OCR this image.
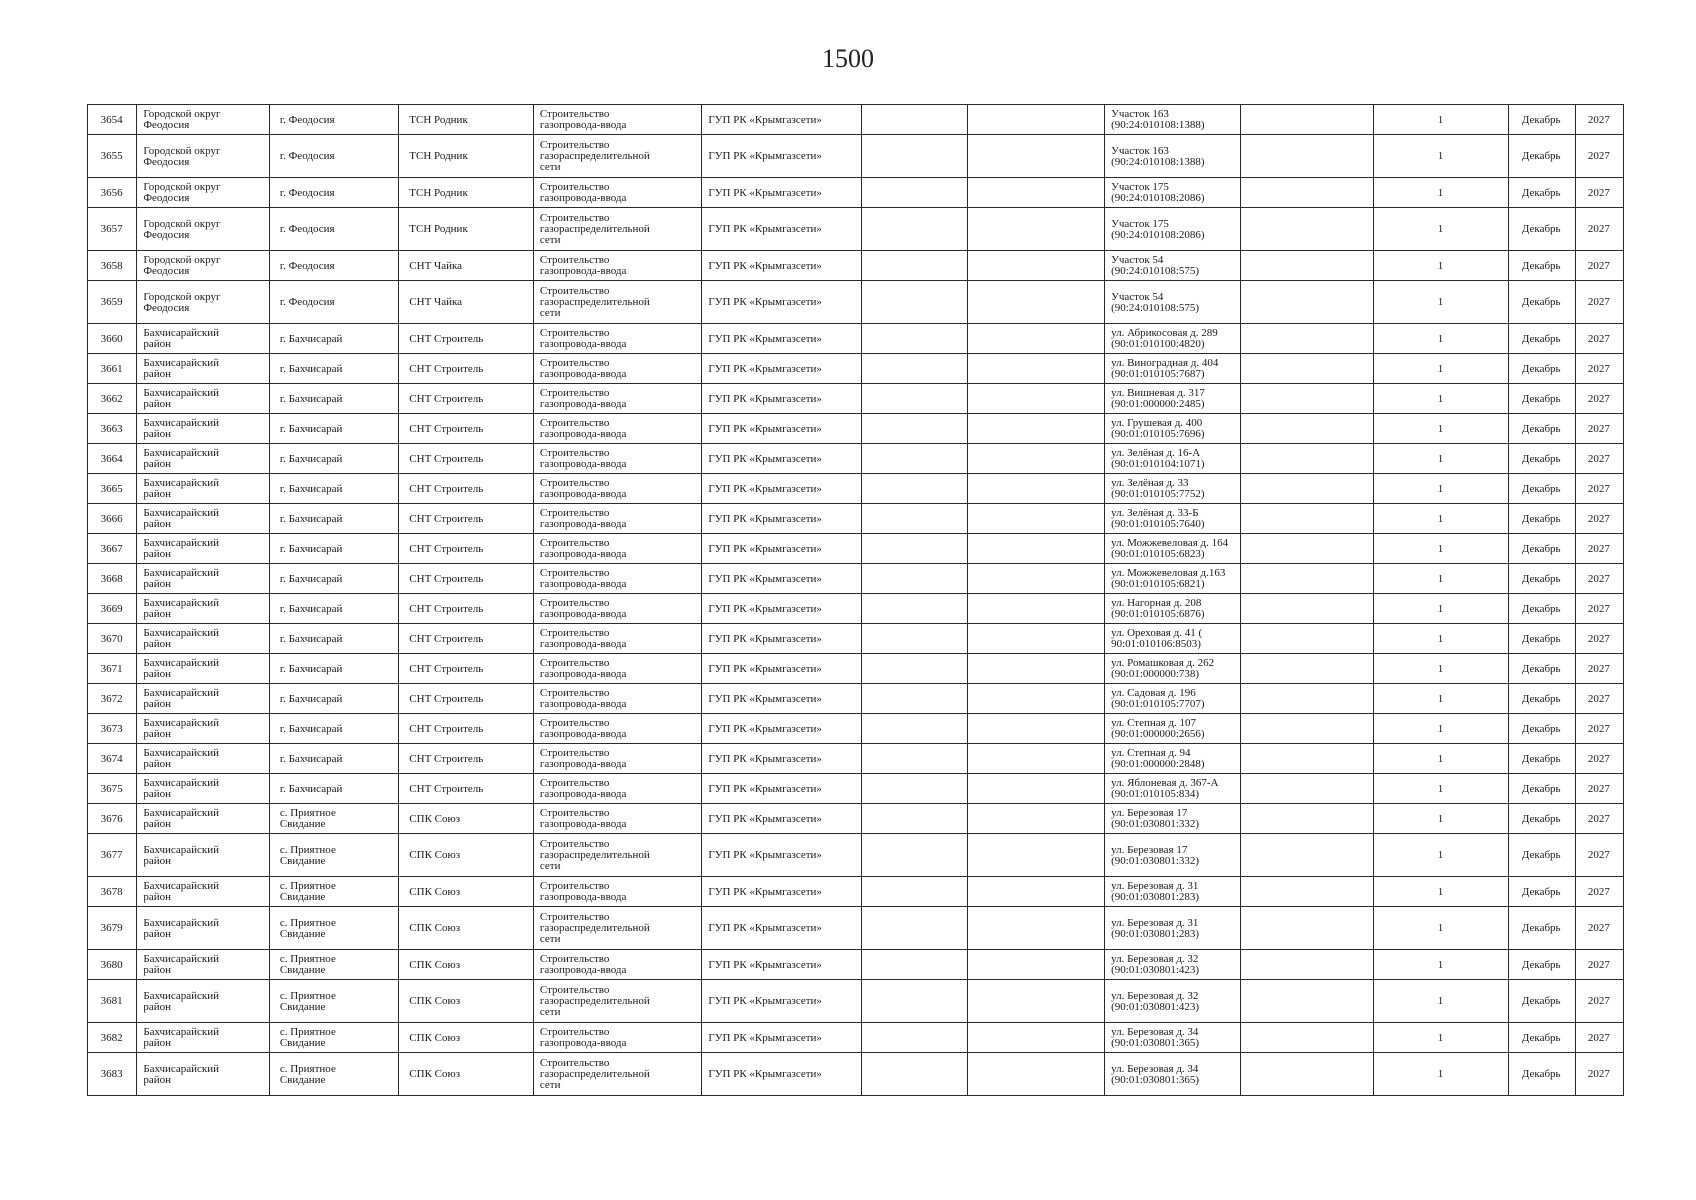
1500
3654	Городской округ
Феодосия	г. Феодосия	ТСН Родник	Строительство
газопровода-ввода	ГУП РК «Крымгазсети»			Участок 163
(90:24:010108:1388)		1	Декабрь	2027

3655	Городской округ
Феодосия	г. Феодосия	ТСН Родник	Строительство
газораспределительной
сети	ГУП РК «Крымгазсети»			Участок 163
(90:24:010108:1388)		1	Декабрь	2027

3656	Городской округ
Феодосия	г. Феодосия	ТСН Родник	Строительство
газопровода-ввода	ГУП РК «Крымгазсети»			Участок 175
(90:24:010108:2086)		1	Декабрь	2027

3657	Городской округ
Феодосия	г. Феодосия	ТСН Родник	Строительство
газораспределительной
сети	ГУП РК «Крымгазсети»			Участок 175
(90:24:010108:2086)		1	Декабрь	2027

3658	Городской округ
Феодосия	г. Феодосия	СНТ Чайка	Строительство
газопровода-ввода	ГУП РК «Крымгазсети»			Участок 54
(90:24:010108:575)		1	Декабрь	2027

3659	Городской округ
Феодосия	г. Феодосия	СНТ Чайка	Строительство
газораспределительной
сети	ГУП РК «Крымгазсети»			Участок 54
(90:24:010108:575)		1	Декабрь	2027

3660	Бахчисарайский
район	г. Бахчисарай	СНТ Строитель	Строительство
газопровода-ввода	ГУП РК «Крымгазсети»			ул. Абрикосовая д. 289
(90:01:010100:4820)		1	Декабрь	2027

3661	Бахчисарайский
район	г. Бахчисарай	СНТ Строитель	Строительство
газопровода-ввода	ГУП РК «Крымгазсети»			ул. Виноградная д. 404
(90:01:010105:7687)		1	Декабрь	2027

3662	Бахчисарайский
район	г. Бахчисарай	СНТ Строитель	Строительство
газопровода-ввода	ГУП РК «Крымгазсети»			ул. Вишневая д. 317
(90:01:000000:2485)		1	Декабрь	2027

3663	Бахчисарайский
район	г. Бахчисарай	СНТ Строитель	Строительство
газопровода-ввода	ГУП РК «Крымгазсети»			ул. Грушевая д. 400
(90:01:010105:7696)		1	Декабрь	2027

3664	Бахчисарайский
район	г. Бахчисарай	СНТ Строитель	Строительство
газопровода-ввода	ГУП РК «Крымгазсети»			ул. Зелёная д. 16-А
(90:01:010104:1071)		1	Декабрь	2027

3665	Бахчисарайский
район	г. Бахчисарай	СНТ Строитель	Строительство
газопровода-ввода	ГУП РК «Крымгазсети»			ул. Зелёная д. 33
(90:01:010105:7752)		1	Декабрь	2027

3666	Бахчисарайский
район	г. Бахчисарай	СНТ Строитель	Строительство
газопровода-ввода	ГУП РК «Крымгазсети»			ул. Зелёная д. 33-Б
(90:01:010105:7640)		1	Декабрь	2027

3667	Бахчисарайский
район	г. Бахчисарай	СНТ Строитель	Строительство
газопровода-ввода	ГУП РК «Крымгазсети»			ул. Можжевеловая д. 164
(90:01:010105:6823)		1	Декабрь	2027

3668	Бахчисарайский
район	г. Бахчисарай	СНТ Строитель	Строительство
газопровода-ввода	ГУП РК «Крымгазсети»			ул. Можжевеловая д.163
(90:01:010105:6821)		1	Декабрь	2027

3669	Бахчисарайский
район	г. Бахчисарай	СНТ Строитель	Строительство
газопровода-ввода	ГУП РК «Крымгазсети»			ул. Нагорная д. 208
(90:01:010105:6876)		1	Декабрь	2027

3670	Бахчисарайский
район	г. Бахчисарай	СНТ Строитель	Строительство
газопровода-ввода	ГУП РК «Крымгазсети»			ул. Ореховая д. 41 (
90:01:010106:8503)		1	Декабрь	2027

3671	Бахчисарайский
район	г. Бахчисарай	СНТ Строитель	Строительство
газопровода-ввода	ГУП РК «Крымгазсети»			ул. Ромашковая д. 262
(90:01:000000:738)		1	Декабрь	2027

3672	Бахчисарайский
район	г. Бахчисарай	СНТ Строитель	Строительство
газопровода-ввода	ГУП РК «Крымгазсети»			ул. Садовая д. 196
(90:01:010105:7707)		1	Декабрь	2027

3673	Бахчисарайский
район	г. Бахчисарай	СНТ Строитель	Строительство
газопровода-ввода	ГУП РК «Крымгазсети»			ул. Степная д. 107
(90:01:000000:2656)		1	Декабрь	2027

3674	Бахчисарайский
район	г. Бахчисарай	СНТ Строитель	Строительство
газопровода-ввода	ГУП РК «Крымгазсети»			ул. Степная д. 94
(90:01:000000:2848)		1	Декабрь	2027

3675	Бахчисарайский
район	г. Бахчисарай	СНТ Строитель	Строительство
газопровода-ввода	ГУП РК «Крымгазсети»			ул. Яблоневая д. 367-А
(90:01:010105:834)		1	Декабрь	2027

3676	Бахчисарайский
район	с. Приятное
Свидание	СПК Союз	Строительство
газопровода-ввода	ГУП РК «Крымгазсети»			ул. Березовая 17
(90:01:030801:332)		1	Декабрь	2027

3677	Бахчисарайский
район	с. Приятное
Свидание	СПК Союз	Строительство
газораспределительной
сети	ГУП РК «Крымгазсети»			ул. Березовая 17
(90:01:030801:332)		1	Декабрь	2027

3678	Бахчисарайский
район	с. Приятное
Свидание	СПК Союз	Строительство
газопровода-ввода	ГУП РК «Крымгазсети»			ул. Березовая д. 31
(90:01:030801:283)		1	Декабрь	2027

3679	Бахчисарайский
район	с. Приятное
Свидание	СПК Союз	Строительство
газораспределительной
сети	ГУП РК «Крымгазсети»			ул. Березовая д. 31
(90:01:030801:283)		1	Декабрь	2027

3680	Бахчисарайский
район	с. Приятное
Свидание	СПК Союз	Строительство
газопровода-ввода	ГУП РК «Крымгазсети»			ул. Березовая д. 32
(90:01:030801:423)		1	Декабрь	2027

3681	Бахчисарайский
район	с. Приятное
Свидание	СПК Союз	Строительство
газораспределительной
сети	ГУП РК «Крымгазсети»			ул. Березовая д. 32
(90:01:030801:423)		1	Декабрь	2027

3682	Бахчисарайский
район	с. Приятное
Свидание	СПК Союз	Строительство
газопровода-ввода	ГУП РК «Крымгазсети»			ул. Березовая д. 34
(90:01:030801:365)		1	Декабрь	2027

3683	Бахчисарайский
район	с. Приятное
Свидание	СПК Союз	Строительство
газораспределительной
сети	ГУП РК «Крымгазсети»			ул. Березовая д. 34
(90:01:030801:365)		1	Декабрь	2027
